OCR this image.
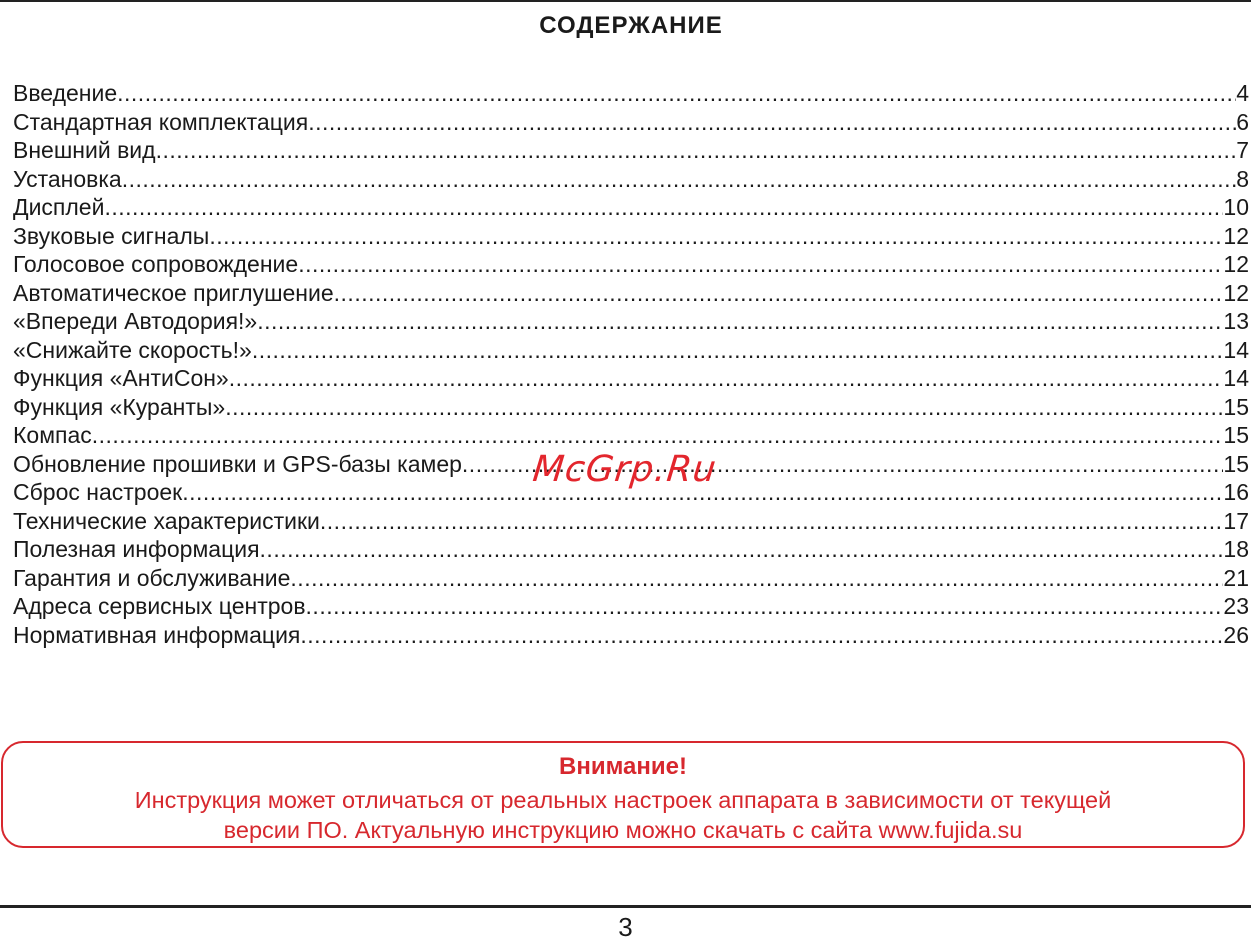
СОДЕРЖАНИЕ
Введение .....	4
Стандартная комплектация .....	6
Внешний вид .....	7
Установка .....	8
Дисплей .....	10
Звуковые сигналы .....	12
Голосовое сопровождение .....	12
Автоматическое приглушение .....	12
«Впереди Автодория!» .....	13
«Снижайте скорость!» .....	14
Функция «АнтиСон» .....	14
Функция «Куранты» .....	15
Компас .....	15
Обновление прошивки и GPS-базы камер .....	15
Сброс настроек .....	16
Технические характеристики .....	17
Полезная информация .....	18
Гарантия и обслуживание .....	21
Адреса сервисных центров .....	23
Нормативная информация .....	26
McGrp.Ru
Внимание!
Инструкция может отличаться от реальных настроек аппарата в зависимости от текущей
версии ПО. Актуальную инструкцию можно скачать с сайта www.fujida.su
3
